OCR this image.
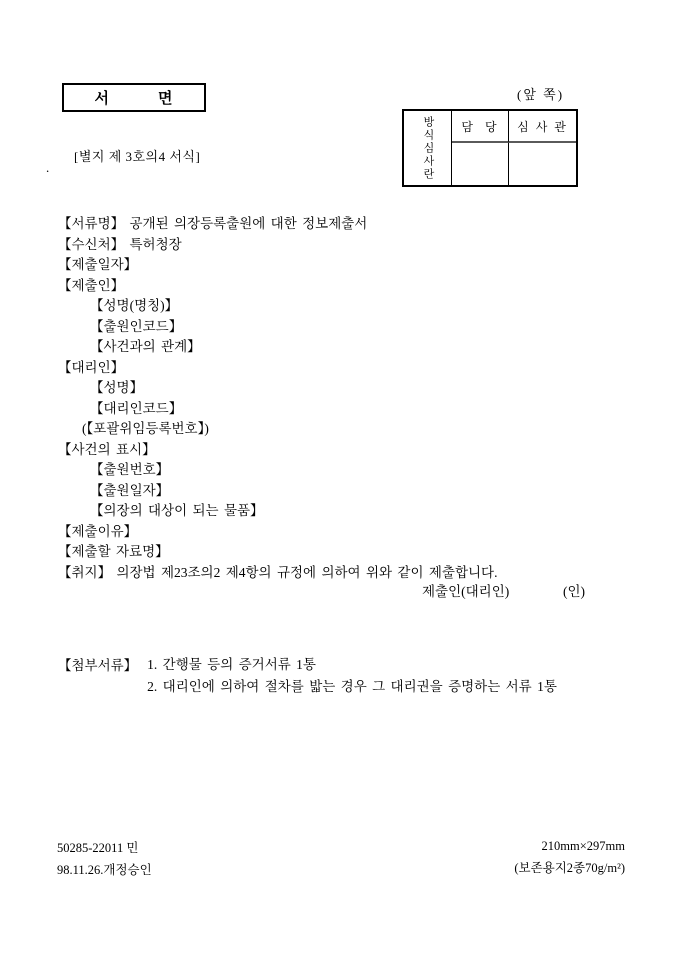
서　　　면	(앞 쪽)
[별지 제 3호의4 서식]
.	방식심사란	담  당	심 사 관
【서류명】 공개된 의장등록출원에 대한 정보제출서
【수신처】 특허청장
【제출일자】
【제출인】
【성명(명칭)】
【출원인코드】
【사건과의 관계】
【대리인】
【성명】
【대리인코드】
(【포괄위임등록번호】)
【사건의 표시】
【출원번호】
【출원일자】
【의장의 대상이 되는 물품】
【제출이유】
【제출할 자료명】
【취지】 의장법 제23조의2 제4항의 규정에 의하여 위와 같이 제출합니다.
제출인(대리인)	(인)
【첨부서류】 1. 간행물 등의 증거서류 1통
2. 대리인에 의하여 절차를 밟는 경우 그 대리권을 증명하는 서류 1통
50285-22011 민
98.11.26.개정승인
210mm×297mm
(보존용지2종70g/m²)
